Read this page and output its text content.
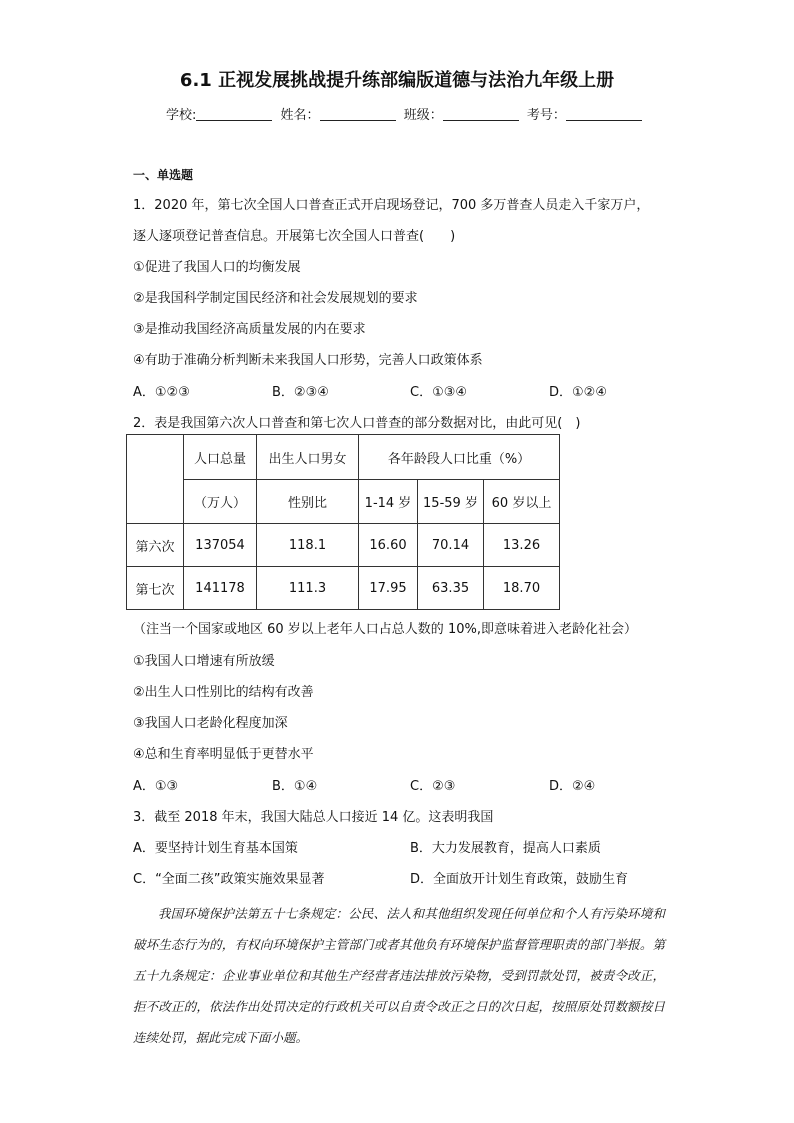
6.1 正视发展挑战提升练部编版道德与法治九年级上册
学校:	姓名：	班级：	考号：
一、单选题
1．2020 年，第七次全国人口普查正式开启现场登记，700 多万普查人员走入千家万户，
逐人逐项登记普查信息。开展第七次全国人口普查(　　)
①促进了我国人口的均衡发展
②是我国科学制定国民经济和社会发展规划的要求
③是推动我国经济高质量发展的内在要求
④有助于准确分析判断未来我国人口形势，完善人口政策体系
A．①②③	B．②③④	C．①③④	D．①②④
2．表是我国第六次人口普查和第七次人口普查的部分数据对比，由此可见(　)
	人口总量	出生人口男女	各年龄段人口比重（%）		
	（万人）	性别比	1-14 岁	15-59 岁	60 岁以上
第六次	137054	118.1	16.60	70.14	13.26
第七次	141178	111.3	17.95	63.35	18.70
（注当一个国家或地区 60 岁以上老年人口占总人数的 10%,即意味着进入老龄化社会）
①我国人口增速有所放缓
②出生人口性别比的结构有改善
③我国人口老龄化程度加深
④总和生育率明显低于更替水平
A．①③	B．①④	C．②③	D．②④
3．截至 2018 年末，我国大陆总人口接近 14 亿。这表明我国
A．要坚持计划生育基本国策	B．大力发展教育，提高人口素质
C．“全面二孩”政策实施效果显著	D．全面放开计划生育政策，鼓励生育
我国环境保护法第五十七条规定：公民、法人和其他组织发现任何单位和个人有污染环境和破坏生态行为的，有权向环境保护主管部门或者其他负有环境保护监督管理职责的部门举报。第五十九条规定：企业事业单位和其他生产经营者违法排放污染物，受到罚款处罚，被责令改正，拒不改正的，依法作出处罚决定的行政机关可以自责令改正之日的次日起，按照原处罚数额按日连续处罚，据此完成下面小题。
